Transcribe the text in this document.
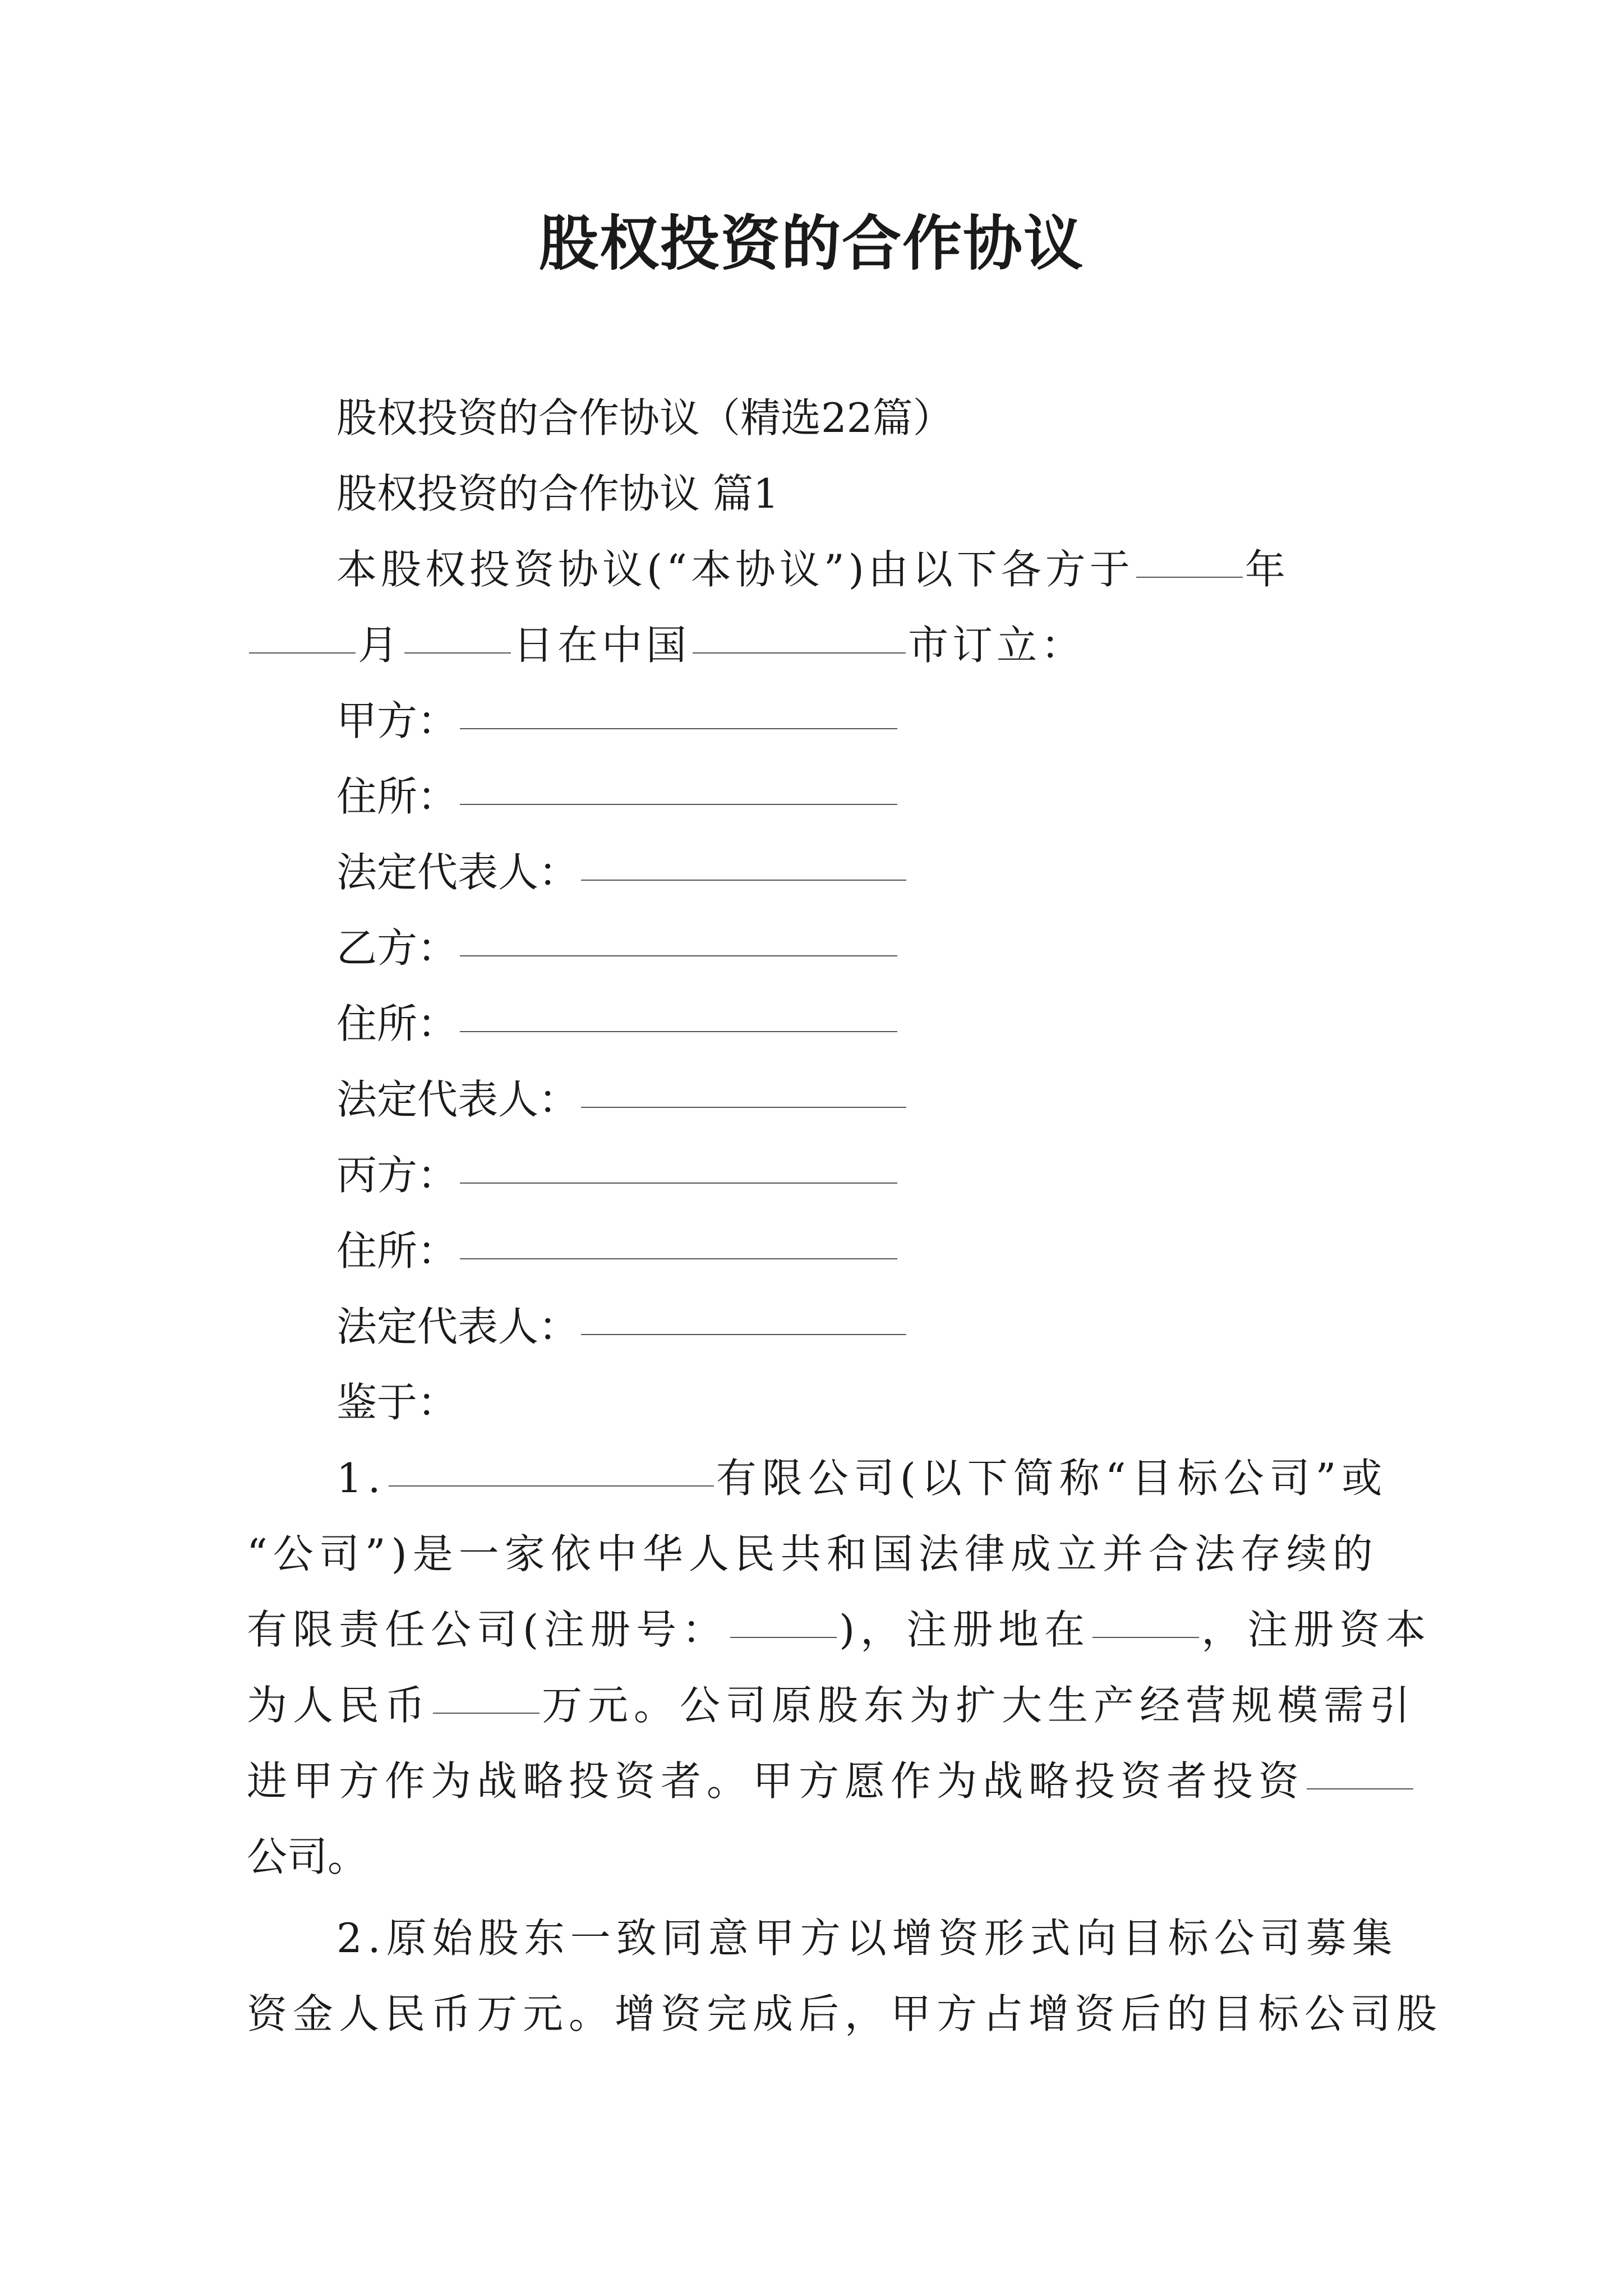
股权投资的合作协议

股权投资的合作协议（精选22篇）

股权投资的合作协议 篇1

本股权投资协议(“本协议”)由以下各方于	年

月	日在中国	市订立：

甲方：

住所：

法定代表人：

乙方：

住所：

法定代表人：

丙方：

住所：

法定代表人：

鉴于：

1.	有限公司(以下简称“目标公司”或

“公司”)是一家依中华人民共和国法律成立并合法存续的

有限责任公司(注册号：	)，注册地在	，注册资本

为人民币	万元。公司原股东为扩大生产经营规模需引

进甲方作为战略投资者。甲方愿作为战略投资者投资

公司。

2.原始股东一致同意甲方以增资形式向目标公司募集

资金人民币万元。增资完成后，甲方占增资后的目标公司股
